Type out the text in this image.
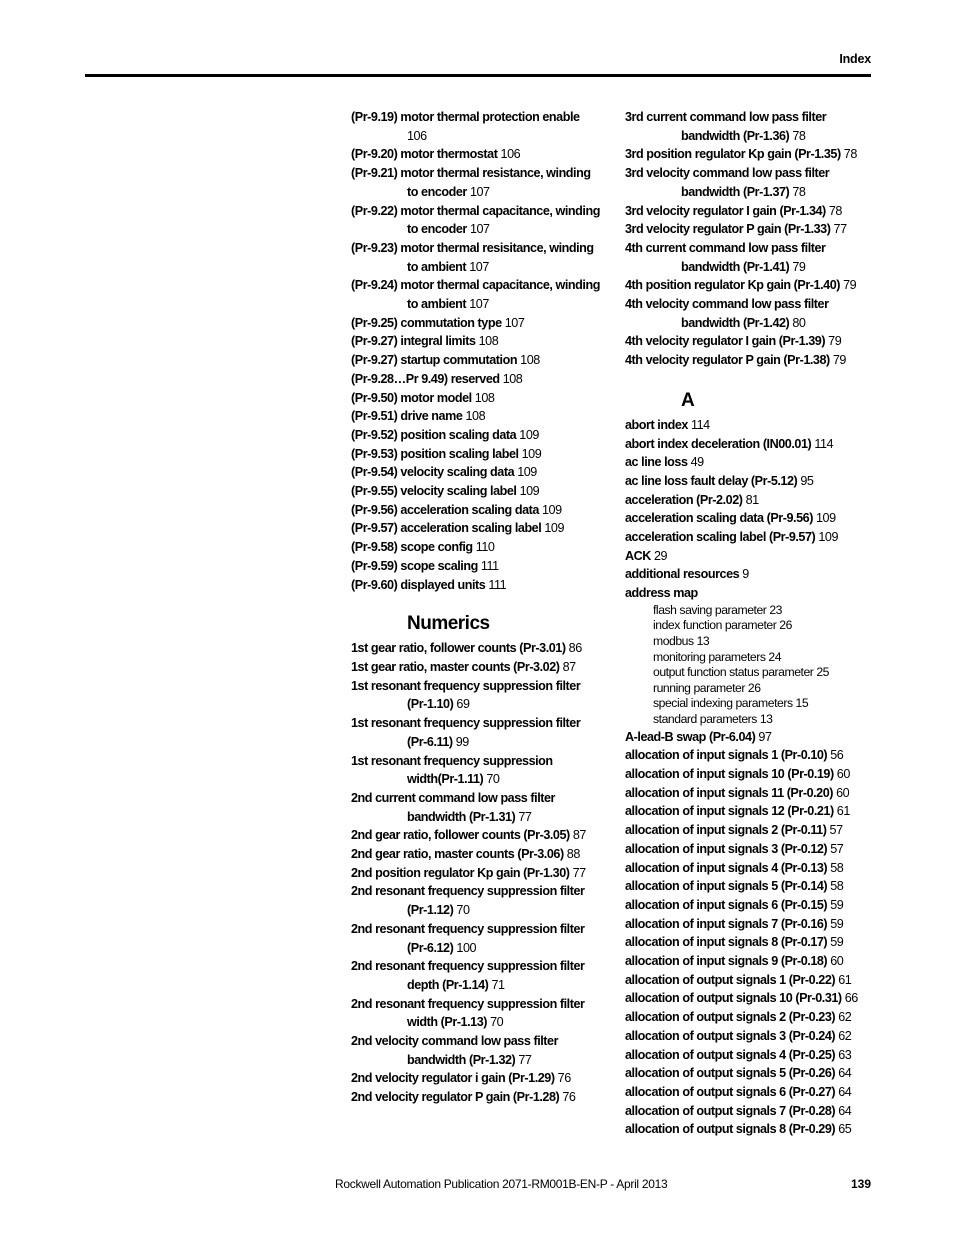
Index
(Pr-9.19) motor thermal protection enable 106
(Pr-9.20) motor thermostat 106
(Pr-9.21) motor thermal resistance, winding to encoder 107
(Pr-9.22) motor thermal capacitance, winding to encoder 107
(Pr-9.23) motor thermal resisitance, winding to ambient 107
(Pr-9.24) motor thermal capacitance, winding to ambient 107
(Pr-9.25) commutation type 107
(Pr-9.27) integral limits 108
(Pr-9.27) startup commutation 108
(Pr-9.28…Pr 9.49) reserved 108
(Pr-9.50) motor model 108
(Pr-9.51) drive name 108
(Pr-9.52) position scaling data 109
(Pr-9.53) position scaling label 109
(Pr-9.54) velocity scaling data 109
(Pr-9.55) velocity scaling label 109
(Pr-9.56) acceleration scaling data 109
(Pr-9.57) acceleration scaling label 109
(Pr-9.58) scope config 110
(Pr-9.59) scope scaling 111
(Pr-9.60) displayed units 111
Numerics
1st gear ratio, follower counts (Pr-3.01) 86
1st gear ratio, master counts (Pr-3.02) 87
1st resonant frequency suppression filter (Pr-1.10) 69
1st resonant frequency suppression filter (Pr-6.11) 99
1st resonant frequency suppression width(Pr-1.11) 70
2nd current command low pass filter bandwidth (Pr-1.31) 77
2nd gear ratio, follower counts (Pr-3.05) 87
2nd gear ratio, master counts (Pr-3.06) 88
2nd position regulator Kp gain (Pr-1.30) 77
2nd resonant frequency suppression filter (Pr-1.12) 70
2nd resonant frequency suppression filter (Pr-6.12) 100
2nd resonant frequency suppression filter depth (Pr-1.14) 71
2nd resonant frequency suppression filter width (Pr-1.13) 70
2nd velocity command low pass filter bandwidth (Pr-1.32) 77
2nd velocity regulator i gain (Pr-1.29) 76
2nd velocity regulator P gain (Pr-1.28) 76
3rd current command low pass filter bandwidth (Pr-1.36) 78
3rd position regulator Kp gain (Pr-1.35) 78
3rd velocity command low pass filter bandwidth (Pr-1.37) 78
3rd velocity regulator I gain (Pr-1.34) 78
3rd velocity regulator P gain (Pr-1.33) 77
4th current command low pass filter bandwidth (Pr-1.41) 79
4th position regulator Kp gain (Pr-1.40) 79
4th velocity command low pass filter bandwidth (Pr-1.42) 80
4th velocity regulator I gain (Pr-1.39) 79
4th velocity regulator P gain (Pr-1.38) 79
A
abort index 114
abort index deceleration (IN00.01) 114
ac line loss 49
ac line loss fault delay (Pr-5.12) 95
acceleration (Pr-2.02) 81
acceleration scaling data (Pr-9.56) 109
acceleration scaling label (Pr-9.57) 109
ACK 29
additional resources 9
address map
flash saving parameter 23
index function parameter 26
modbus 13
monitoring parameters 24
output function status parameter 25
running parameter 26
special indexing parameters 15
standard parameters 13
A-lead-B swap (Pr-6.04) 97
allocation of input signals 1 (Pr-0.10) 56
allocation of input signals 10 (Pr-0.19) 60
allocation of input signals 11 (Pr-0.20) 60
allocation of input signals 12 (Pr-0.21) 61
allocation of input signals 2 (Pr-0.11) 57
allocation of input signals 3 (Pr-0.12) 57
allocation of input signals 4 (Pr-0.13) 58
allocation of input signals 5 (Pr-0.14) 58
allocation of input signals 6 (Pr-0.15) 59
allocation of input signals 7 (Pr-0.16) 59
allocation of input signals 8 (Pr-0.17) 59
allocation of input signals 9 (Pr-0.18) 60
allocation of output signals 1 (Pr-0.22) 61
allocation of output signals 10 (Pr-0.31) 66
allocation of output signals 2 (Pr-0.23) 62
allocation of output signals 3 (Pr-0.24) 62
allocation of output signals 4 (Pr-0.25) 63
allocation of output signals 5 (Pr-0.26) 64
allocation of output signals 6 (Pr-0.27) 64
allocation of output signals 7 (Pr-0.28) 64
allocation of output signals 8 (Pr-0.29) 65
Rockwell Automation Publication 2071-RM001B-EN-P - April 2013	139
